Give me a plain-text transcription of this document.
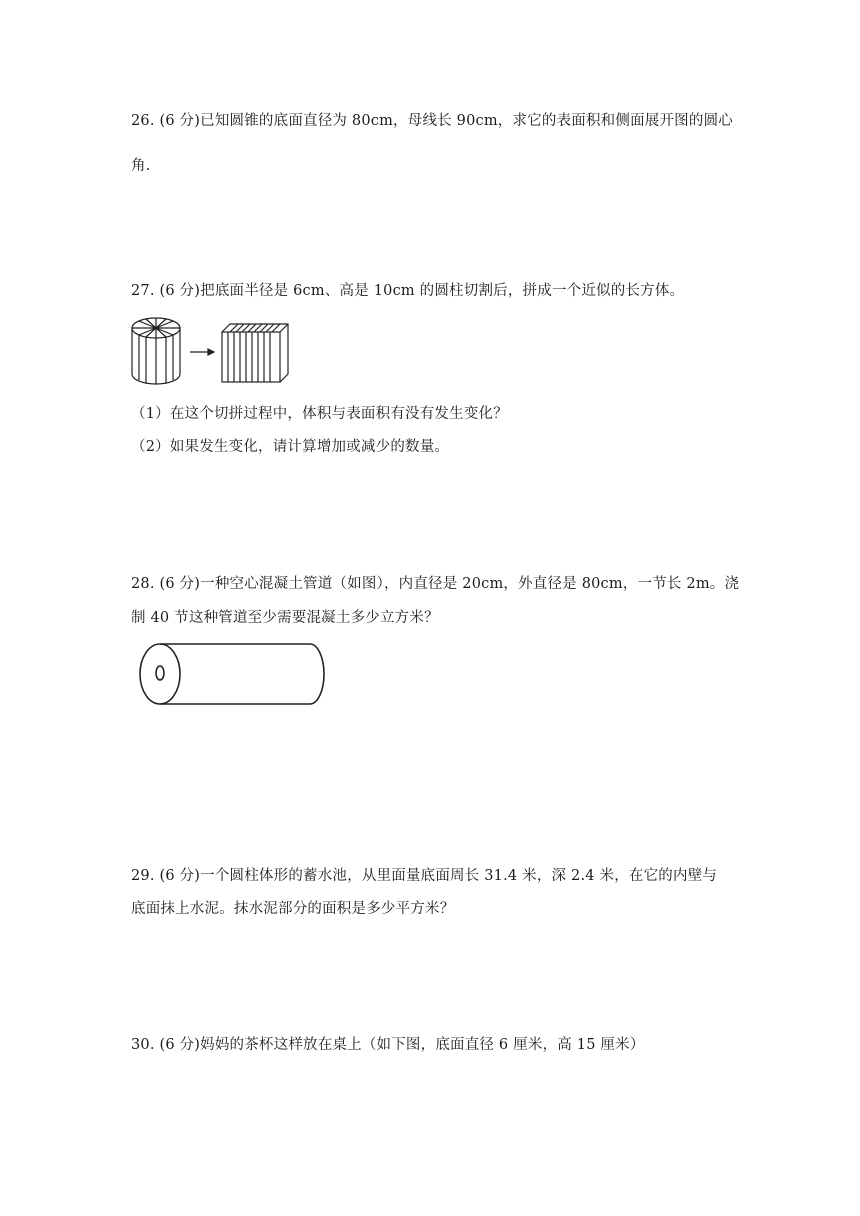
26. (6 分)已知圆锥的底面直径为 80cm，母线长 90cm，求它的表面积和侧面展开图的圆心
角.
27. (6 分)把底面半径是 6cm、高是 10cm 的圆柱切割后，拼成一个近似的长方体。
（1）在这个切拼过程中，体积与表面积有没有发生变化？
（2）如果发生变化，请计算增加或减少的数量。
28. (6 分)一种空心混凝土管道（如图），内直径是 20cm，外直径是 80cm，一节长 2m。浇
制 40 节这种管道至少需要混凝土多少立方米？
29. (6 分)一个圆柱体形的蓄水池，从里面量底面周长 31.4 米，深 2.4 米，在它的内壁与
底面抹上水泥。抹水泥部分的面积是多少平方米？
30. (6 分)妈妈的茶杯这样放在桌上（如下图，底面直径 6 厘米，高 15 厘米）
